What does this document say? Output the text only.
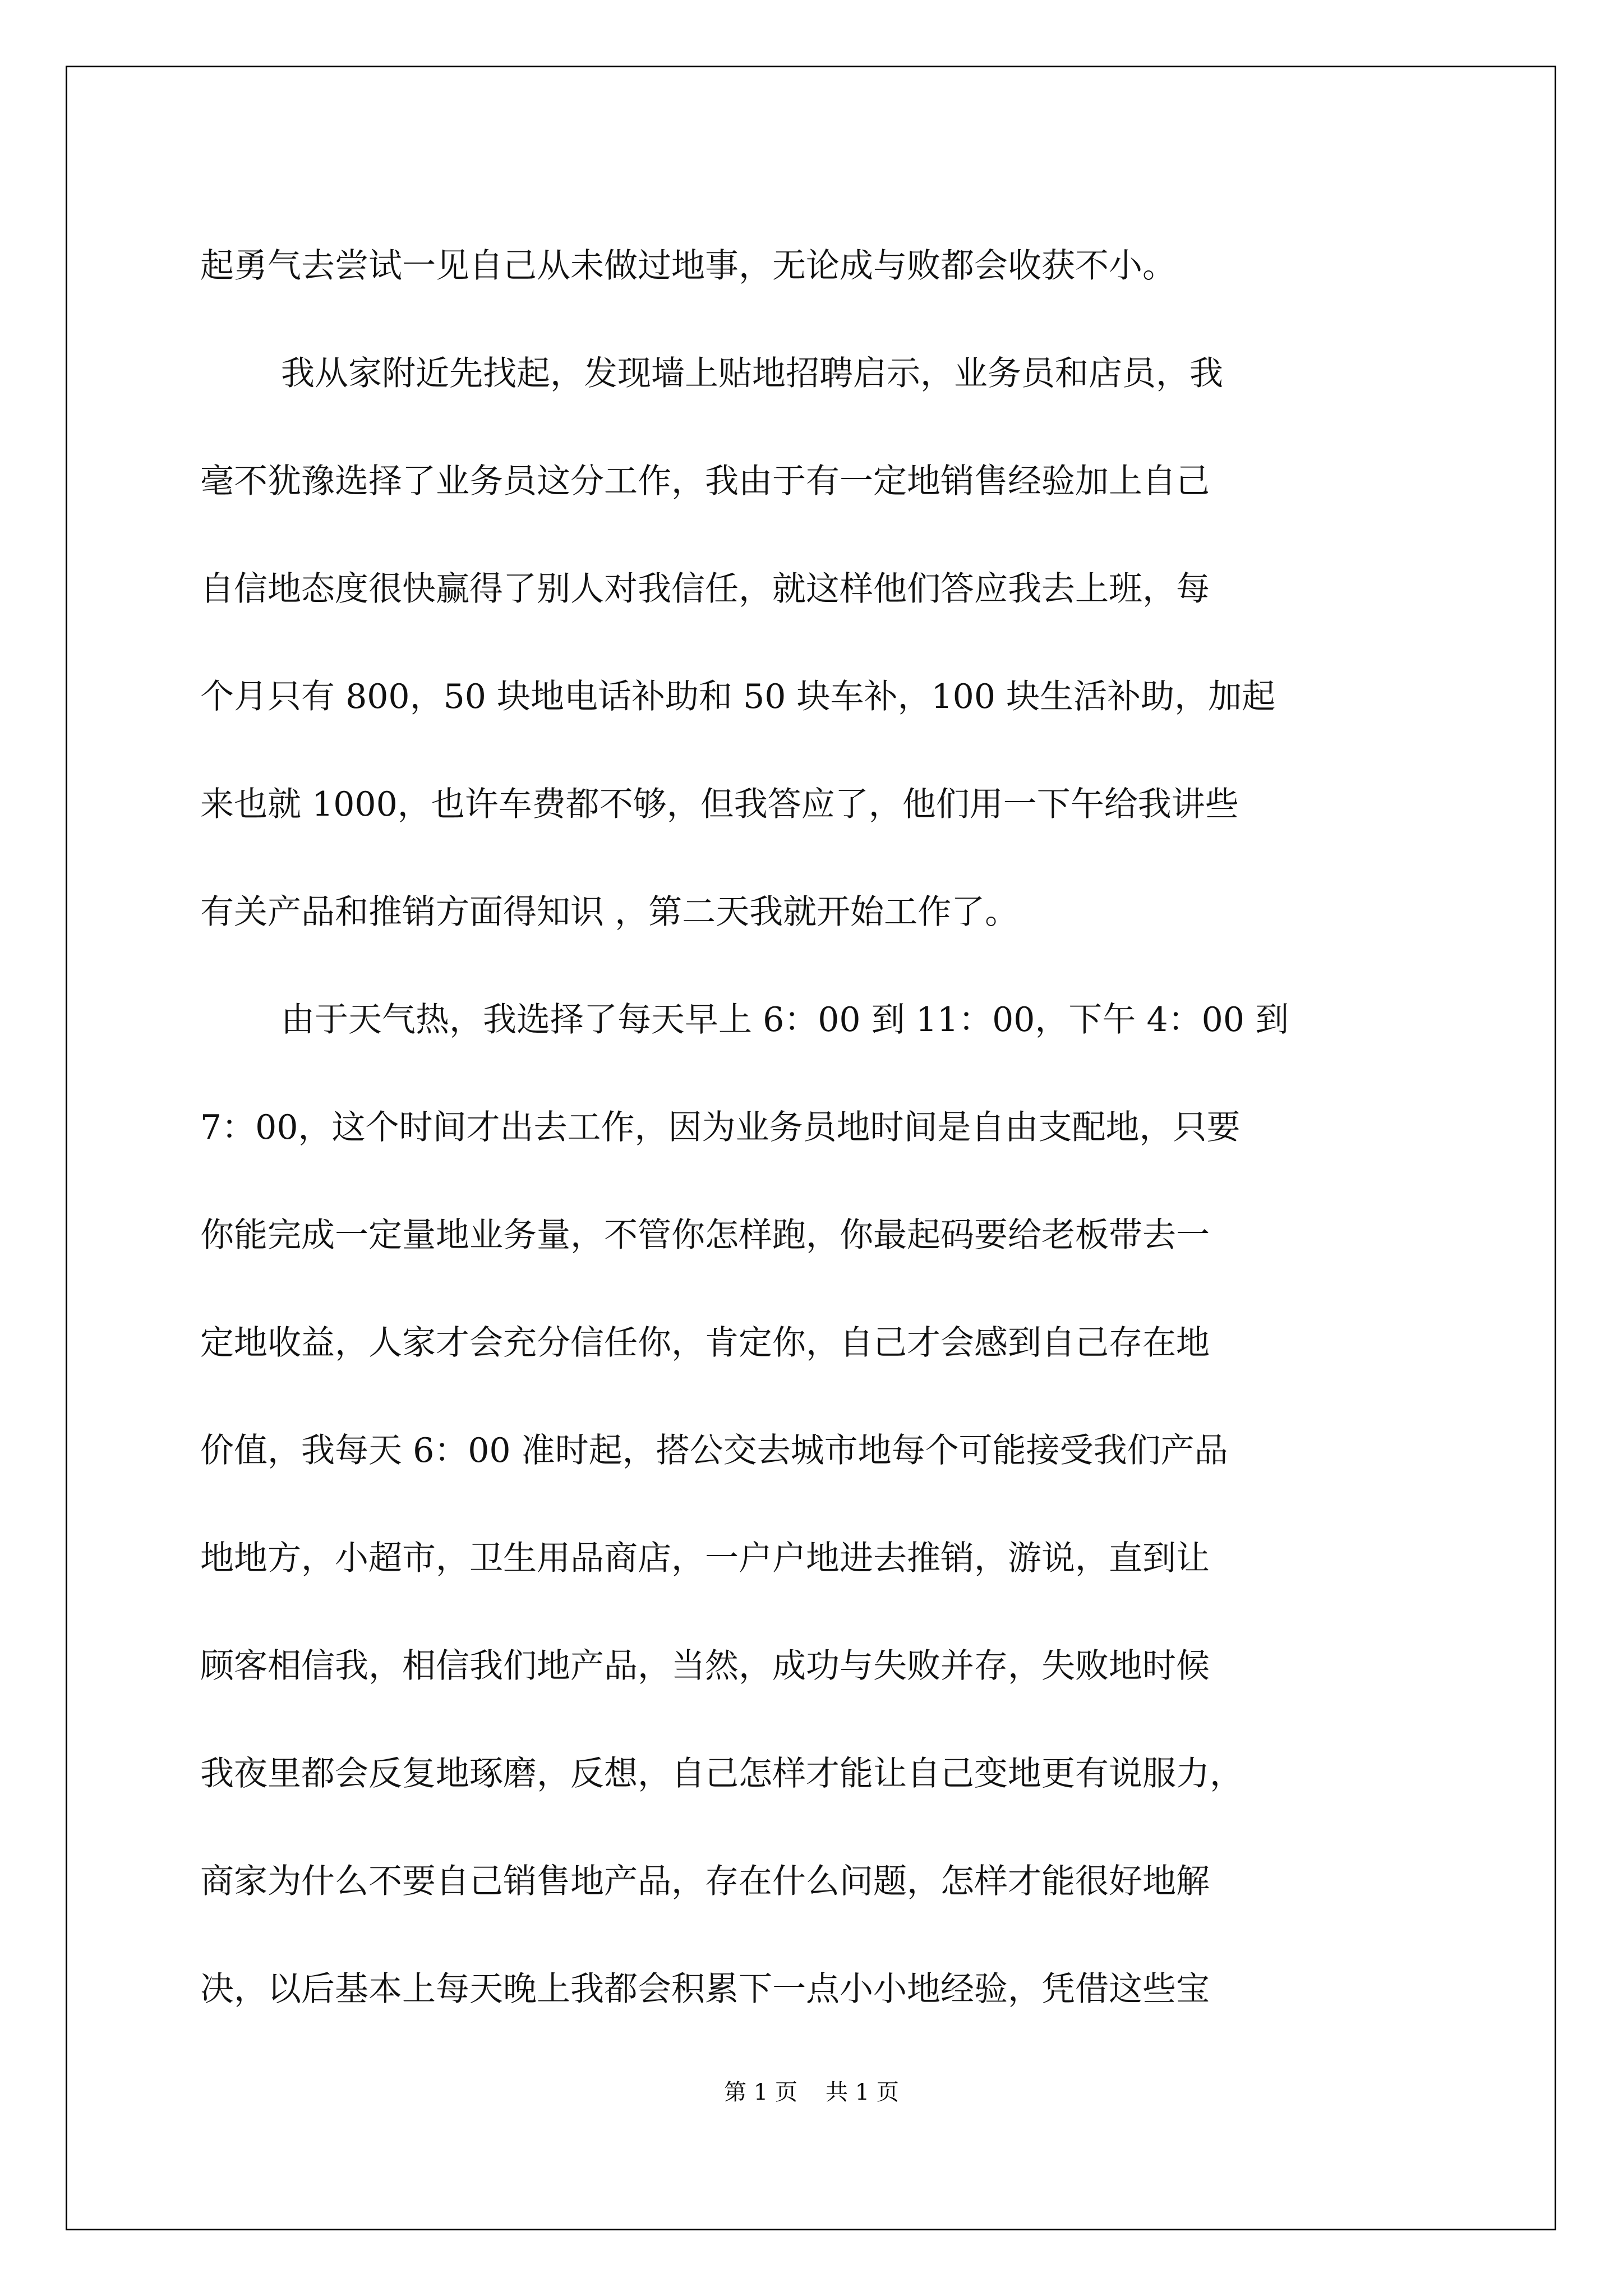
起勇气去尝试一见自己从未做过地事，无论成与败都会收获不小。
我从家附近先找起，发现墙上贴地招聘启示，业务员和店员，我
毫不犹豫选择了业务员这分工作，我由于有一定地销售经验加上自己
自信地态度很快赢得了别人对我信任，就这样他们答应我去上班，每
个月只有 800，50 块地电话补助和 50 块车补，100 块生活补助，加起
来也就 1000，也许车费都不够，但我答应了，他们用一下午给我讲些
有关产品和推销方面得知识 ，第二天我就开始工作了。
由于天气热，我选择了每天早上 6：00 到 11：00，下午 4：00 到
7：00，这个时间才出去工作，因为业务员地时间是自由支配地，只要
你能完成一定量地业务量，不管你怎样跑，你最起码要给老板带去一
定地收益，人家才会充分信任你，肯定你，自己才会感到自己存在地
价值，我每天 6：00 准时起，搭公交去城市地每个可能接受我们产品
地地方，小超市，卫生用品商店，一户户地进去推销，游说，直到让
顾客相信我，相信我们地产品，当然，成功与失败并存，失败地时候
我夜里都会反复地琢磨，反想，自己怎样才能让自己变地更有说服力，
商家为什么不要自己销售地产品，存在什么问题，怎样才能很好地解
决，以后基本上每天晚上我都会积累下一点小小地经验，凭借这些宝
第 1 页 共 1 页
